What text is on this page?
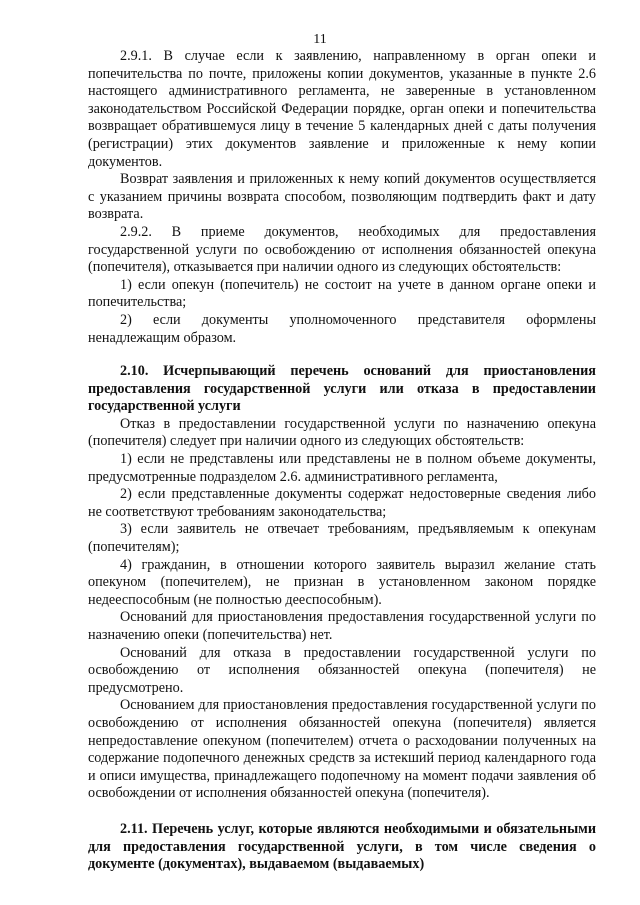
11

2.9.1. В случае если к заявлению, направленному в орган опеки и попечительства по почте, приложены копии документов, указанные в пункте 2.6 настоящего административного регламента, не заверенные в установленном законодательством Российской Федерации порядке, орган опеки и попечительства возвращает обратившемуся лицу в течение 5 календарных дней с даты получения (регистрации) этих документов заявление и приложенные к нему копии документов.

Возврат заявления и приложенных к нему копий документов осуществляется с указанием причины возврата способом, позволяющим подтвердить факт и дату возврата.

2.9.2. В приеме документов, необходимых для предоставления государственной услуги по освобождению от исполнения обязанностей опекуна (попечителя), отказывается при наличии одного из следующих обстоятельств:

1) если опекун (попечитель) не состоит на учете в данном органе опеки и попечительства;

2) если документы уполномоченного представителя оформлены ненадлежащим образом.

2.10. Исчерпывающий перечень оснований для приостановления предоставления государственной услуги или отказа в предоставлении государственной услуги

Отказ в предоставлении государственной услуги по назначению опекуна (попечителя) следует при наличии одного из следующих обстоятельств:

1) если не представлены или представлены не в полном объеме документы, предусмотренные подразделом 2.6. административного регламента,

2) если представленные документы содержат недостоверные сведения либо не соответствуют требованиям законодательства;

3) если заявитель не отвечает требованиям, предъявляемым к опекунам (попечителям);

4) гражданин, в отношении которого заявитель выразил желание стать опекуном (попечителем), не признан в установленном законом порядке недееспособным (не полностью дееспособным).

Оснований для приостановления предоставления государственной услуги по назначению опеки (попечительства) нет.

Оснований для отказа в предоставлении государственной услуги по освобождению от исполнения обязанностей опекуна (попечителя) не предусмотрено.

Основанием для приостановления предоставления государственной услуги по освобождению от исполнения обязанностей опекуна (попечителя) является непредоставление опекуном (попечителем) отчета о расходовании полученных на содержание подопечного денежных средств за истекший период календарного года и описи имущества, принадлежащего подопечному на момент подачи заявления об освобождении от исполнения обязанностей опекуна (попечителя).

2.11. Перечень услуг, которые являются необходимыми и обязательными для предоставления государственной услуги, в том числе сведения о документе (документах), выдаваемом (выдаваемых)
